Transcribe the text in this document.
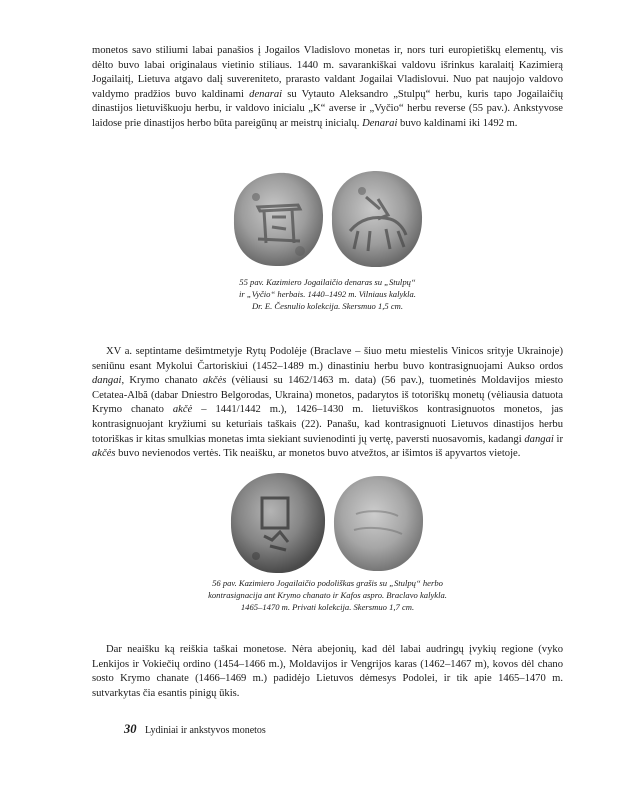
monetos savo stiliumi labai panašios į Jogailos Vladislovo monetas ir, nors turi europietiškų elementų, vis dėlto buvo labai originalaus vietinio stiliaus. 1440 m. savarankiškai valdovu išrinkus karalaitį Kazimierą Jogailaitį, Lietuva atgavo dalį suvereniteto, prarasto valdant Jogailai Vladislovui. Nuo pat naujojo valdovo valdymo pradžios buvo kaldinami denarai su Vytauto Aleksandro „Stulpų“ herbu, kuris tapo Jogailaičių dinastijos lietuviškuoju herbu, ir valdovo inicialu „K“ averse ir „Vyčio“ herbu reverse (55 pav.). Ankstyvose laidose prie dinastijos herbo būta pareigūnų ar meistrų inicialų. Denarai buvo kaldinami iki 1492 m.

55 pav. Kazimiero Jogailaičio denaras su „Stulpų“
ir „Vyčio“ herbais. 1440–1492 m. Vilniaus kalykla.
Dr. E. Česnulio kolekcija. Skersmuo 1,5 cm.

XV a. septintame dešimtmetyje Rytų Podolėje (Braclave – šiuo metu miestelis Vinicos srityje Ukrainoje) seniūnu esant Mykolui Čartoriskiui (1452–1489 m.) dinastiniu herbu buvo kontrasignuojami Aukso ordos dangai, Krymo chanato akčės (vėliausi su 1462/1463 m. data) (56 pav.), tuometinės Moldavijos miesto Cetatea-Albă (dabar Dniestro Belgorodas, Ukraina) monetos, padarytos iš totoriškų monetų (vėliausia datuota Krymo chanato akčė – 1441/1442 m.), 1426–1430 m. lietuviškos kontrasignuotos monetos, jas kontrasignuojant kryžiumi su keturiais taškais (22). Panašu, kad kontrasignuoti Lietuvos dinastijos herbu totoriškas ir kitas smulkias monetas imta siekiant suvienodinti jų vertę, paversti nuosavomis, kadangi dangai ir akčės buvo nevienodos vertės. Tik neaišku, ar monetos buvo atvežtos, ar išimtos iš apyvartos vietoje.

56 pav. Kazimiero Jogailaičio podoliškas grašis su „Stulpų“ herbo
kontrasignacija ant Krymo chanato ir Kafos aspro. Braclavo kalykla.
1465–1470 m. Privati kolekcija. Skersmuo 1,7 cm.

Dar neaišku ką reiškia taškai monetose. Nėra abejonių, kad dėl labai audringų įvykių regione (vyko Lenkijos ir Vokiečių ordino (1454–1466 m.), Moldavijos ir Vengrijos karas (1462–1467 m), kovos dėl chano sosto Krymo chanate (1466–1469 m.) padidėjo Lietuvos dėmesys Podolei, ir tik apie 1465–1470 m. sutvarkytas čia esantis pinigų ūkis.

30 Lydiniai ir ankstyvos monetos
